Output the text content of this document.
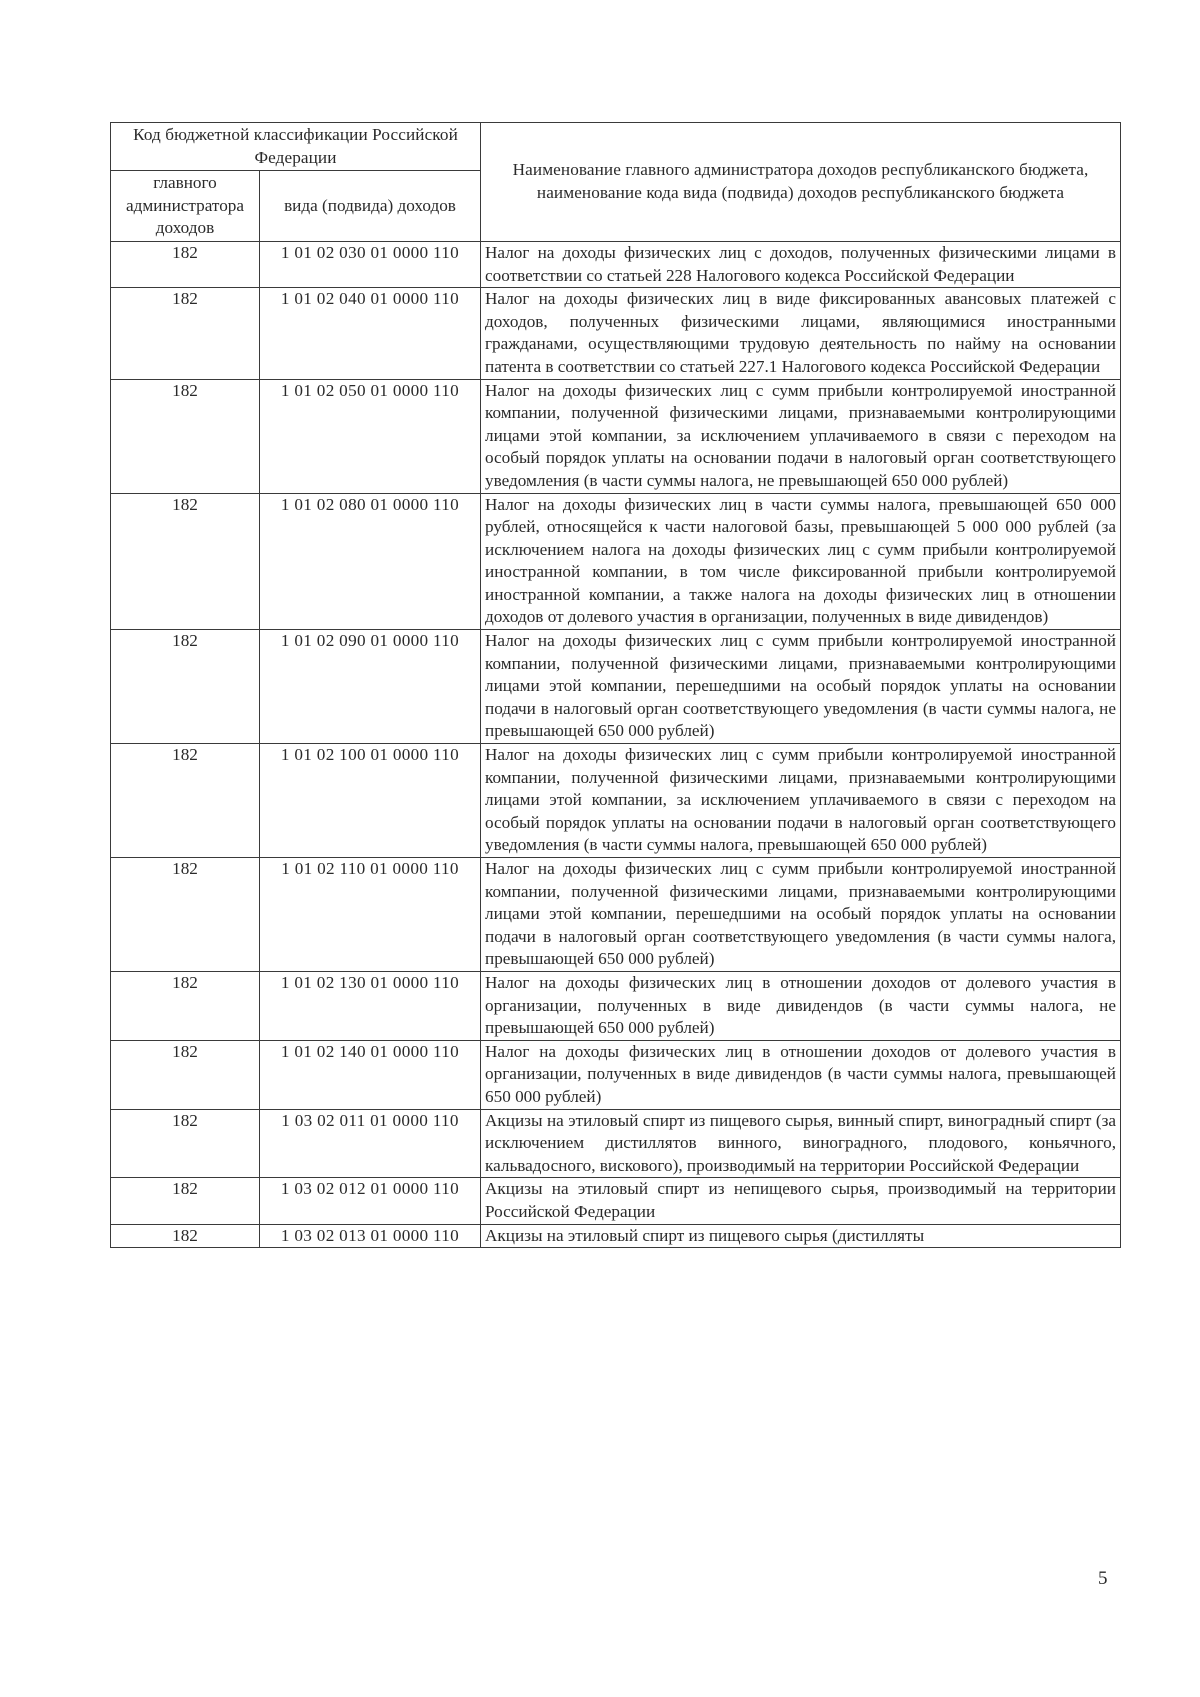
Код бюджетной классификации Российской Федерации		Наименование главного администратора доходов республиканского бюджета, наименование кода вида (подвида) доходов республиканского бюджета
главного администратора доходов	вида (подвида) доходов	
182	1 01 02 030 01 0000 110	Налог на доходы физических лиц с доходов, полученных физическими лицами в соответствии со статьей 228 Налогового кодекса Российской Федерации
182	1 01 02 040 01 0000 110	Налог на доходы физических лиц в виде фиксированных авансовых платежей с доходов, полученных физическими лицами, являющимися иностранными гражданами, осуществляющими трудовую деятельность по найму на основании патента в соответствии со статьей 227.1 Налогового кодекса Российской Федерации
182	1 01 02 050 01 0000 110	Налог на доходы физических лиц с сумм прибыли контролируемой иностранной компании, полученной физическими лицами, признаваемыми контролирующими лицами этой компании, за исключением уплачиваемого в связи с переходом на особый порядок уплаты на основании подачи в налоговый орган соответствующего уведомления (в части суммы налога, не превышающей 650 000 рублей)
182	1 01 02 080 01 0000 110	Налог на доходы физических лиц в части суммы налога, превышающей 650 000 рублей, относящейся к части налоговой базы, превышающей 5 000 000 рублей (за исключением налога на доходы физических лиц с сумм прибыли контролируемой иностранной компании, в том числе фиксированной прибыли контролируемой иностранной компании, а также налога на доходы физических лиц в отношении доходов от долевого участия в организации, полученных в виде дивидендов)
182	1 01 02 090 01 0000 110	Налог на доходы физических лиц с сумм прибыли контролируемой иностранной компании, полученной физическими лицами, признаваемыми контролирующими лицами этой компании, перешедшими на особый порядок уплаты на основании подачи в налоговый орган соответствующего уведомления (в части суммы налога, не превышающей 650 000 рублей)
182	1 01 02 100 01 0000 110	Налог на доходы физических лиц с сумм прибыли контролируемой иностранной компании, полученной физическими лицами, признаваемыми контролирующими лицами этой компании, за исключением уплачиваемого в связи с переходом на особый порядок уплаты на основании подачи в налоговый орган соответствующего уведомления (в части суммы налога, превышающей 650 000 рублей)
182	1 01 02 110 01 0000 110	Налог на доходы физических лиц с сумм прибыли контролируемой иностранной компании, полученной физическими лицами, признаваемыми контролирующими лицами этой компании, перешедшими на особый порядок уплаты на основании подачи в налоговый орган соответствующего уведомления (в части суммы налога, превышающей 650 000 рублей)
182	1 01 02 130 01 0000 110	Налог на доходы физических лиц в отношении доходов от долевого участия в организации, полученных в виде дивидендов (в части суммы налога, не превышающей 650 000 рублей)
182	1 01 02 140 01 0000 110	Налог на доходы физических лиц в отношении доходов от долевого участия в организации, полученных в виде дивидендов (в части суммы налога, превышающей 650 000 рублей)
182	1 03 02 011 01 0000 110	Акцизы на этиловый спирт из пищевого сырья, винный спирт, виноградный спирт (за исключением дистиллятов винного, виноградного, плодового, коньячного, кальвадосного, вискового), производимый на территории Российской Федерации
182	1 03 02 012 01 0000 110	Акцизы на этиловый спирт из непищевого сырья, производимый на территории Российской Федерации
182	1 03 02 013 01 0000 110	Акцизы на этиловый спирт из пищевого сырья (дистилляты
5
